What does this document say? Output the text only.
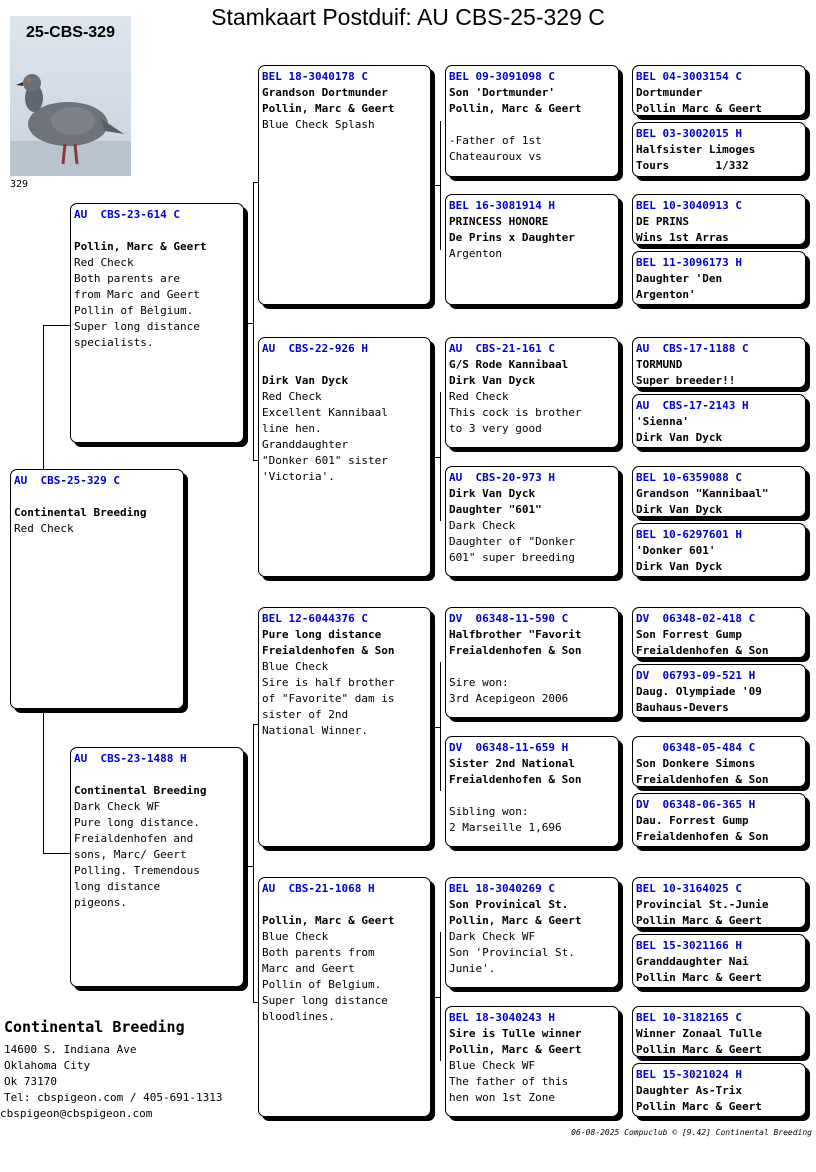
Stamkaart Postduif: AU CBS-25-329 C
25-CBS-329
329
AU  CBS-25-329 C
Continental Breeding
Red Check
AU  CBS-23-614 C
Pollin, Marc & Geert
Red Check
Both parents are
from Marc and Geert
Pollin of Belgium.
Super long distance
specialists.
AU  CBS-23-1488 H
Continental Breeding
Dark Check WF
Pure long distance.
Freialdenhofen and
sons, Marc/ Geert
Polling. Tremendous
long distance
pigeons.
BEL 18-3040178 C
Grandson Dortmunder
Pollin, Marc & Geert
Blue Check Splash
AU  CBS-22-926 H
Dirk Van Dyck
Red Check
Excellent Kannibaal
line hen.
Granddaughter
"Donker 601" sister
'Victoria'.
BEL 12-6044376 C
Pure long distance
Freialdenhofen & Son
Blue Check
Sire is half brother
of "Favorite" dam is
sister of 2nd
National Winner.
AU  CBS-21-1068 H
Pollin, Marc & Geert
Blue Check
Both parents from
Marc and Geert
Pollin of Belgium.
Super long distance
bloodlines.
BEL 09-3091098 C
Son 'Dortmunder'
Pollin, Marc & Geert

-Father of 1st
Chateauroux vs
BEL 16-3081914 H
PRINCESS HONORE
De Prins x Daughter
Argenton
AU  CBS-21-161 C
G/S Rode Kannibaal
Dirk Van Dyck
Red Check
This cock is brother
to 3 very good
AU  CBS-20-973 H
Dirk Van Dyck
Daughter "601"
Dark Check
Daughter of "Donker
601" super breeding
DV  06348-11-590 C
Halfbrother "Favorit
Freialdenhofen & Son

Sire won:
3rd Acepigeon 2006
DV  06348-11-659 H
Sister 2nd National
Freialdenhofen & Son

Sibling won:
2 Marseille 1,696
BEL 18-3040269 C
Son Provinical St.
Pollin, Marc & Geert
Dark Check WF
Son 'Provincial St.
Junie'.
BEL 18-3040243 H
Sire is Tulle winner
Pollin, Marc & Geert
Blue Check WF
The father of this
hen won 1st Zone
BEL 04-3003154 C
Dortmunder
Pollin Marc & Geert
BEL 03-3002015 H
Halfsister Limoges
Tours       1/332
BEL 10-3040913 C
DE PRINS
Wins 1st Arras
BEL 11-3096173 H
Daughter 'Den
Argenton'
AU  CBS-17-1188 C
TORMUND
Super breeder!!
AU  CBS-17-2143 H
'Sienna'
Dirk Van Dyck
BEL 10-6359088 C
Grandson "Kannibaal"
Dirk Van Dyck
BEL 10-6297601 H
'Donker 601'
Dirk Van Dyck
DV  06348-02-418 C
Son Forrest Gump
Freialdenhofen & Son
DV  06793-09-521 H
Daug. Olympiade '09
Bauhaus-Devers
06348-05-484 C
Son Donkere Simons
Freialdenhofen & Son
DV  06348-06-365 H
Dau. Forrest Gump
Freialdenhofen & Son
BEL 10-3164025 C
Provincial St.-Junie
Pollin Marc & Geert
BEL 15-3021166 H
Granddaughter Nai
Pollin Marc & Geert
BEL 10-3182165 C
Winner Zonaal Tulle
Pollin Marc & Geert
BEL 15-3021024 H
Daughter As-Trix
Pollin Marc & Geert
Continental Breeding
14600 S. Indiana Ave
Oklahoma City
Ok 73170
Tel: cbspigeon.com / 405-691-1313
cbspigeon@cbspigeon.com
06-08-2025 Compuclub © [9.42] Continental Breeding
